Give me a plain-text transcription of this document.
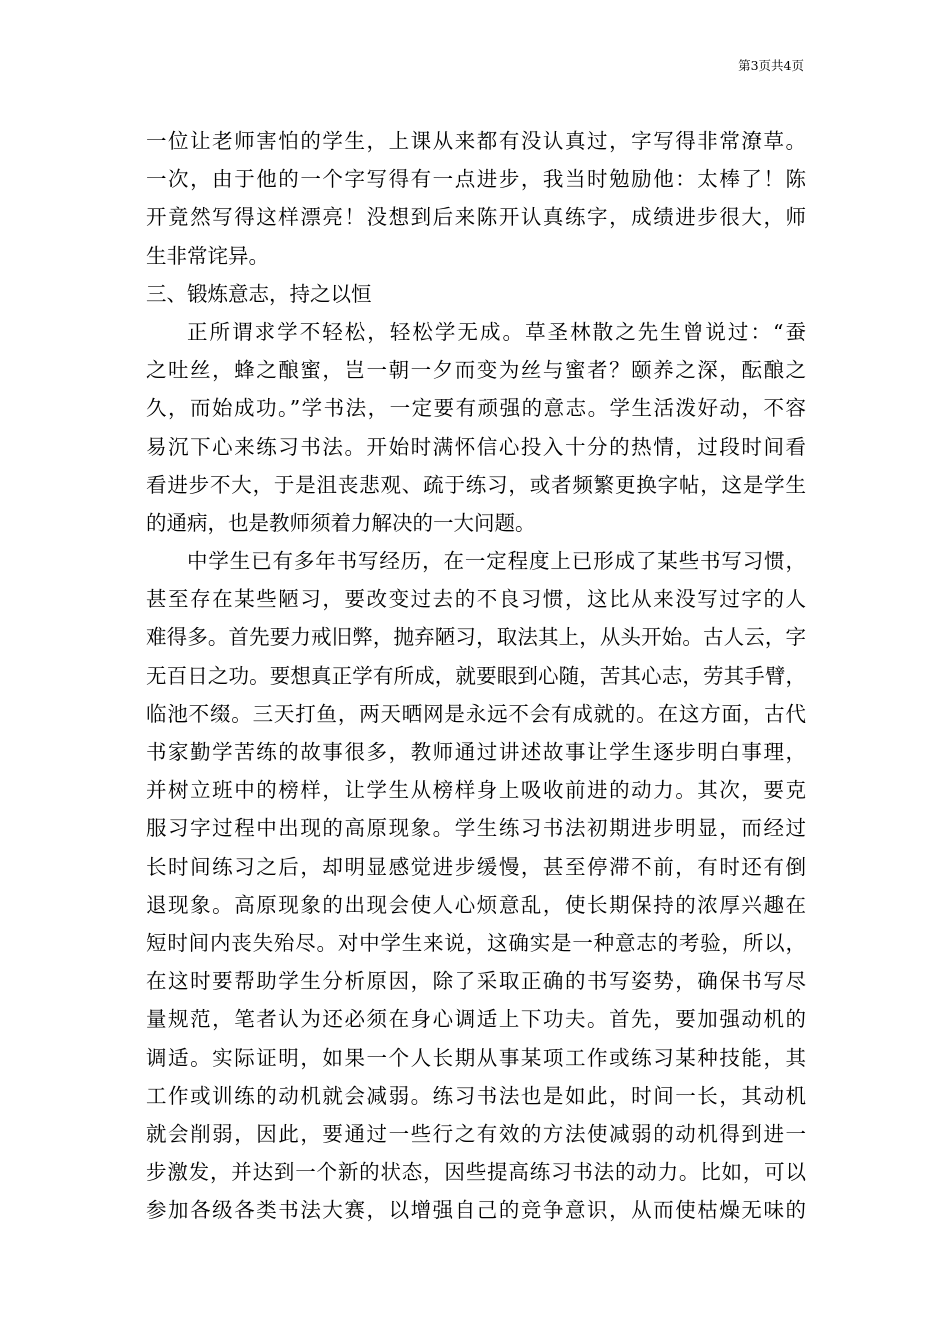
第3页共4页
一位让老师害怕的学生，上课从来都有没认真过，字写得非常潦草。
一次，由于他的一个字写得有一点进步，我当时勉励他：太棒了！陈
开竟然写得这样漂亮！没想到后来陈开认真练字，成绩进步很大，师
生非常诧异。
三、锻炼意志，持之以恒
正所谓求学不轻松，轻松学无成。草圣林散之先生曾说过：“蚕
之吐丝，蜂之酿蜜，岂一朝一夕而变为丝与蜜者？颐养之深，酝酿之
久，而始成功。”学书法，一定要有顽强的意志。学生活泼好动，不容
易沉下心来练习书法。开始时满怀信心投入十分的热情，过段时间看
看进步不大，于是沮丧悲观、疏于练习，或者频繁更换字帖，这是学生
的通病，也是教师须着力解决的一大问题。
中学生已有多年书写经历，在一定程度上已形成了某些书写习惯，
甚至存在某些陋习，要改变过去的不良习惯，这比从来没写过字的人
难得多。首先要力戒旧弊，抛弃陋习，取法其上，从头开始。古人云，字
无百日之功。要想真正学有所成，就要眼到心随，苦其心志，劳其手臂，
临池不缀。三天打鱼，两天晒网是永远不会有成就的。在这方面，古代
书家勤学苦练的故事很多，教师通过讲述故事让学生逐步明白事理，
并树立班中的榜样，让学生从榜样身上吸收前进的动力。其次，要克
服习字过程中出现的高原现象。学生练习书法初期进步明显，而经过
长时间练习之后，却明显感觉进步缓慢，甚至停滞不前，有时还有倒
退现象。高原现象的出现会使人心烦意乱，使长期保持的浓厚兴趣在
短时间内丧失殆尽。对中学生来说，这确实是一种意志的考验，所以，
在这时要帮助学生分析原因，除了采取正确的书写姿势，确保书写尽
量规范，笔者认为还必须在身心调适上下功夫。首先，要加强动机的
调适。实际证明，如果一个人长期从事某项工作或练习某种技能，其
工作或训练的动机就会减弱。练习书法也是如此，时间一长，其动机
就会削弱，因此，要通过一些行之有效的方法使减弱的动机得到进一
步激发，并达到一个新的状态，因些提高练习书法的动力。比如，可以
参加各级各类书法大赛，以增强自己的竞争意识，从而使枯燥无味的
